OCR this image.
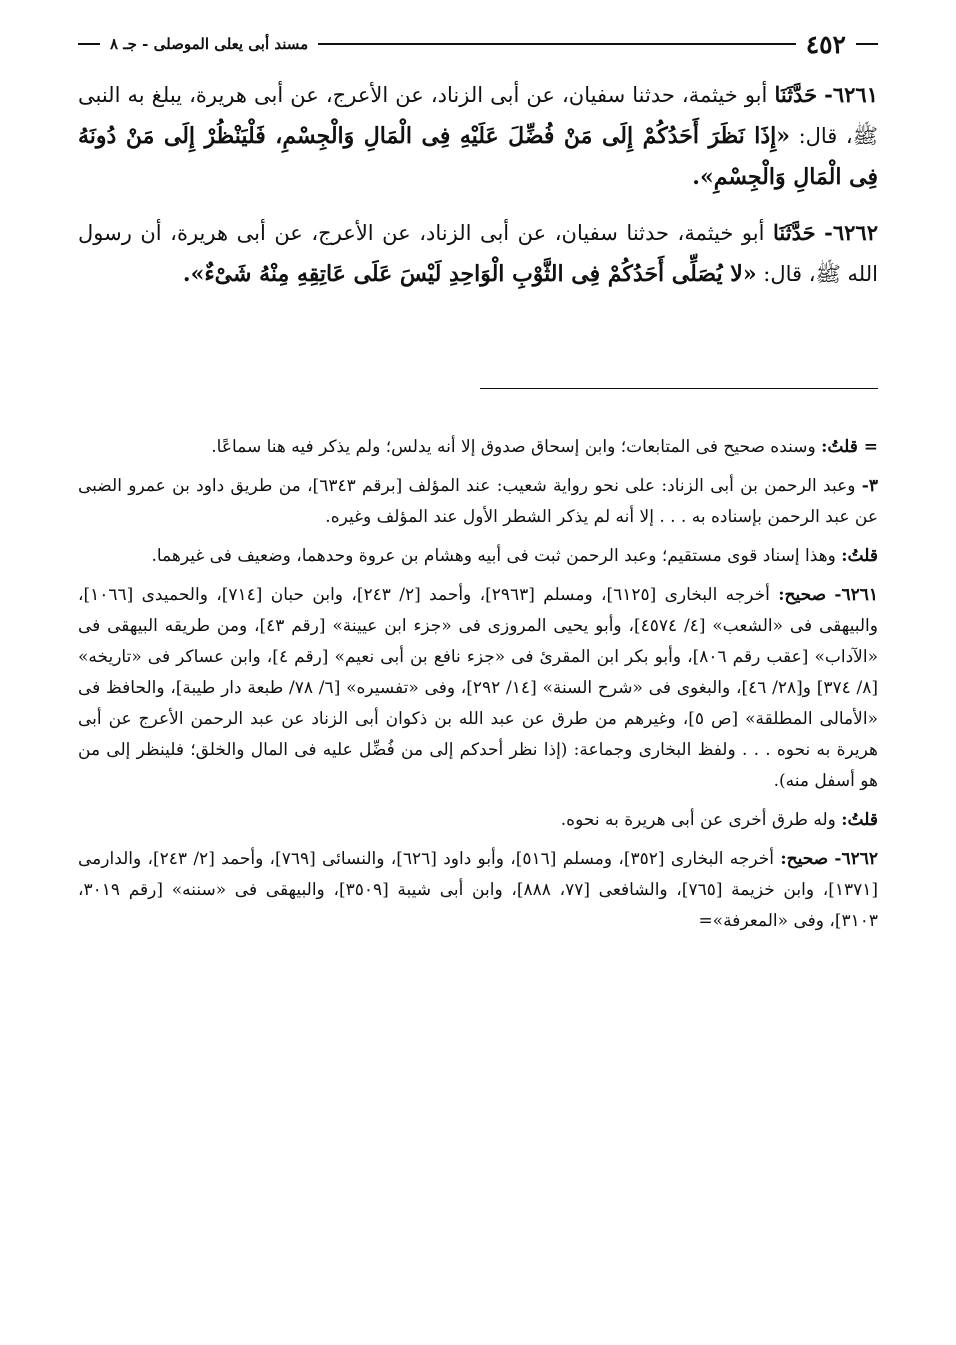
٤٥٢
مسند أبى يعلى الموصلى - جـ ٨

٦٢٦١- حَدَّثَنَا أبو خيثمة، حدثنا سفيان، عن أبى الزناد، عن الأعرج، عن أبى هريرة، يبلغ به النبى ﷺ، قال: «إِذَا نَظَرَ أَحَدُكُمْ إِلَى مَنْ فُضِّلَ عَلَيْهِ فِى الْمَالِ وَالْجِسْمِ، فَلْيَنْظُرْ إِلَى مَنْ دُونَهُ فِى الْمَالِ وَالْجِسْمِ».

٦٢٦٢- حَدَّثَنَا أبو خيثمة، حدثنا سفيان، عن أبى الزناد، عن الأعرج، عن أبى هريرة، أن رسول الله ﷺ، قال: «لا يُصَلِّى أَحَدُكُمْ فِى الثَّوْبِ الْوَاحِدِ لَيْسَ عَلَى عَاتِقِهِ مِنْهُ شَىْءٌ».

= قلتُ: وسنده صحيح فى المتابعات؛ وابن إسحاق صدوق إلا أنه يدلس؛ ولم يذكر فيه هنا سماعًا.

٣- وعبد الرحمن بن أبى الزناد: على نحو رواية شعيب: عند المؤلف [برقم ٦٣٤٣]، من طريق داود بن عمرو الضبى عن عبد الرحمن بإسناده به . . . إلا أنه لم يذكر الشطر الأول عند المؤلف وغيره.

قلتُ: وهذا إسناد قوى مستقيم؛ وعبد الرحمن ثبت فى أبيه وهشام بن عروة وحدهما، وضعيف فى غيرهما.

٦٢٦١- صحيح: أخرجه البخارى [٦١٢٥]، ومسلم [٢٩٦٣]، وأحمد [٢/ ٢٤٣]، وابن حبان [٧١٤]، والحميدى [١٠٦٦]، والبيهقى فى «الشعب» [٤/ ٤٥٧٤]، وأبو يحيى المروزى فى «جزء ابن عيينة» [رقم ٤٣]، ومن طريقه البيهقى فى «الآداب» [عقب رقم ٨٠٦]، وأبو بكر ابن المقرئ فى «جزء نافع بن أبى نعيم» [رقم ٤]، وابن عساكر فى «تاريخه» [٨/ ٣٧٤] و[٢٨/ ٤٦]، والبغوى فى «شرح السنة» [١٤/ ٢٩٢]، وفى «تفسيره» [٦/ ٧٨/ طبعة دار طيبة]، والحافظ فى «الأمالى المطلقة» [ص ٥]، وغيرهم من طرق عن عبد الله بن ذكوان أبى الزناد عن عبد الرحمن الأعرج عن أبى هريرة به نحوه . . . ولفظ البخارى وجماعة: (إذا نظر أحدكم إلى من فُضِّل عليه فى المال والخلق؛ فلينظر إلى من هو أسفل منه).

قلتُ: وله طرق أخرى عن أبى هريرة به نحوه.

٦٢٦٢- صحيح: أخرجه البخارى [٣٥٢]، ومسلم [٥١٦]، وأبو داود [٦٢٦]، والنسائى [٧٦٩]، وأحمد [٢/ ٢٤٣]، والدارمى [١٣٧١]، وابن خزيمة [٧٦٥]، والشافعى [٧٧، ٨٨٨]، وابن أبى شيبة [٣٥٠٩]، والبيهقى فى «سننه» [رقم ٣٠١٩، ٣١٠٣]، وفى «المعرفة»=
